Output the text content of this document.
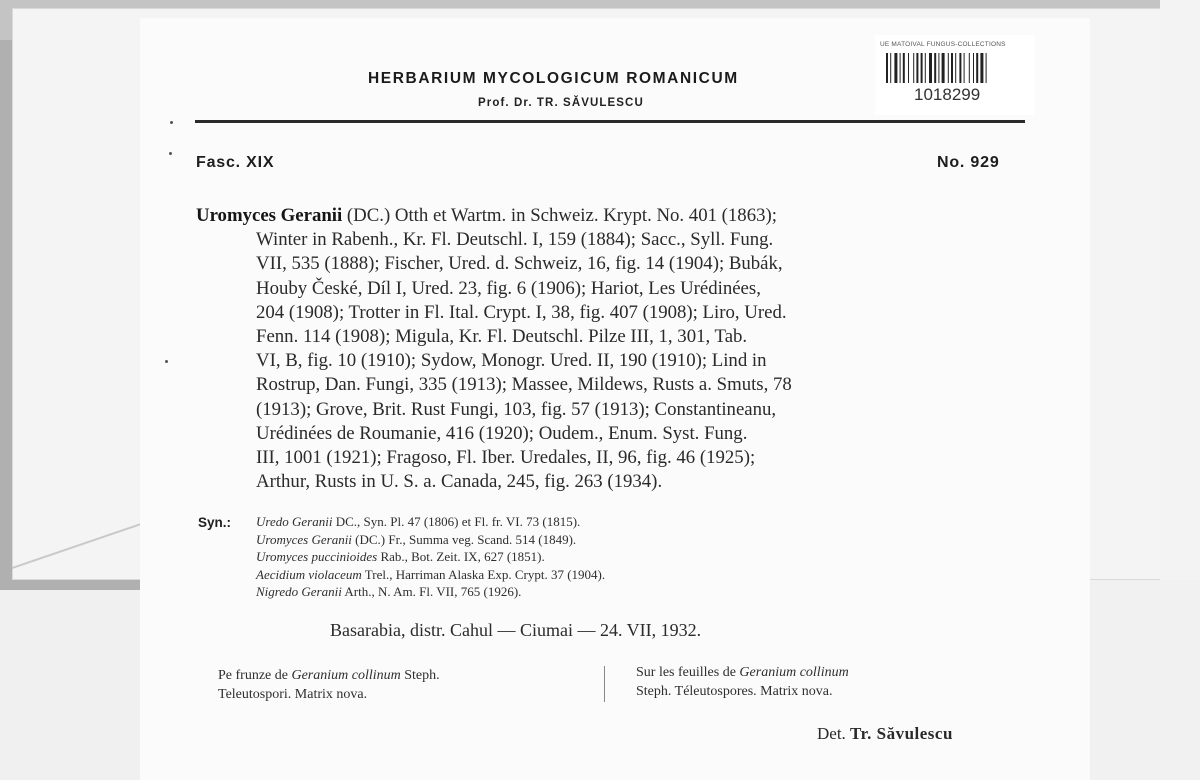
HERBARIUM MYCOLOGICUM ROMANICUM
Prof. Dr. TR. SĂVULESCU
UE MATOIVAL FUNGUS-COLLECTIONS
1018299
Fasc. XIX	No. 929
Uromyces Geranii (DC.) Otth et Wartm. in Schweiz. Krypt. No. 401 (1863);
Winter in Rabenh., Kr. Fl. Deutschl. I, 159 (1884); Sacc., Syll. Fung.
VII, 535 (1888); Fischer, Ured. d. Schweiz, 16, fig. 14 (1904); Bubák,
Houby České, Díl I, Ured. 23, fig. 6 (1906); Hariot, Les Urédinées,
204 (1908); Trotter in Fl. Ital. Crypt. I, 38, fig. 407 (1908); Liro, Ured.
Fenn. 114 (1908); Migula, Kr. Fl. Deutschl. Pilze III, 1, 301, Tab.
VI, B, fig. 10 (1910); Sydow, Monogr. Ured. II, 190 (1910); Lind in
Rostrup, Dan. Fungi, 335 (1913); Massee, Mildews, Rusts a. Smuts, 78
(1913); Grove, Brit. Rust Fungi, 103, fig. 57 (1913); Constantineanu,
Urédinées de Roumanie, 416 (1920); Oudem., Enum. Syst. Fung.
III, 1001 (1921); Fragoso, Fl. Iber. Uredales, II, 96, fig. 46 (1925);
Arthur, Rusts in U. S. a. Canada, 245, fig. 263 (1934).
Syn.: Uredo Geranii DC., Syn. Pl. 47 (1806) et Fl. fr. VI. 73 (1815).
Uromyces Geranii (DC.) Fr., Summa veg. Scand. 514 (1849).
Uromyces puccinioides Rab., Bot. Zeit. IX, 627 (1851).
Aecidium violaceum Trel., Harriman Alaska Exp. Crypt. 37 (1904).
Nigredo Geranii Arth., N. Am. Fl. VII, 765 (1926).
Basarabia, distr. Cahul — Ciumai — 24. VII, 1932.
Pe frunze de Geranium collinum Steph.
Teleutospori. Matrix nova.
Sur les feuilles de Geranium collinum
Steph. Téleutospores. Matrix nova.
Det. Tr. Săvulescu
